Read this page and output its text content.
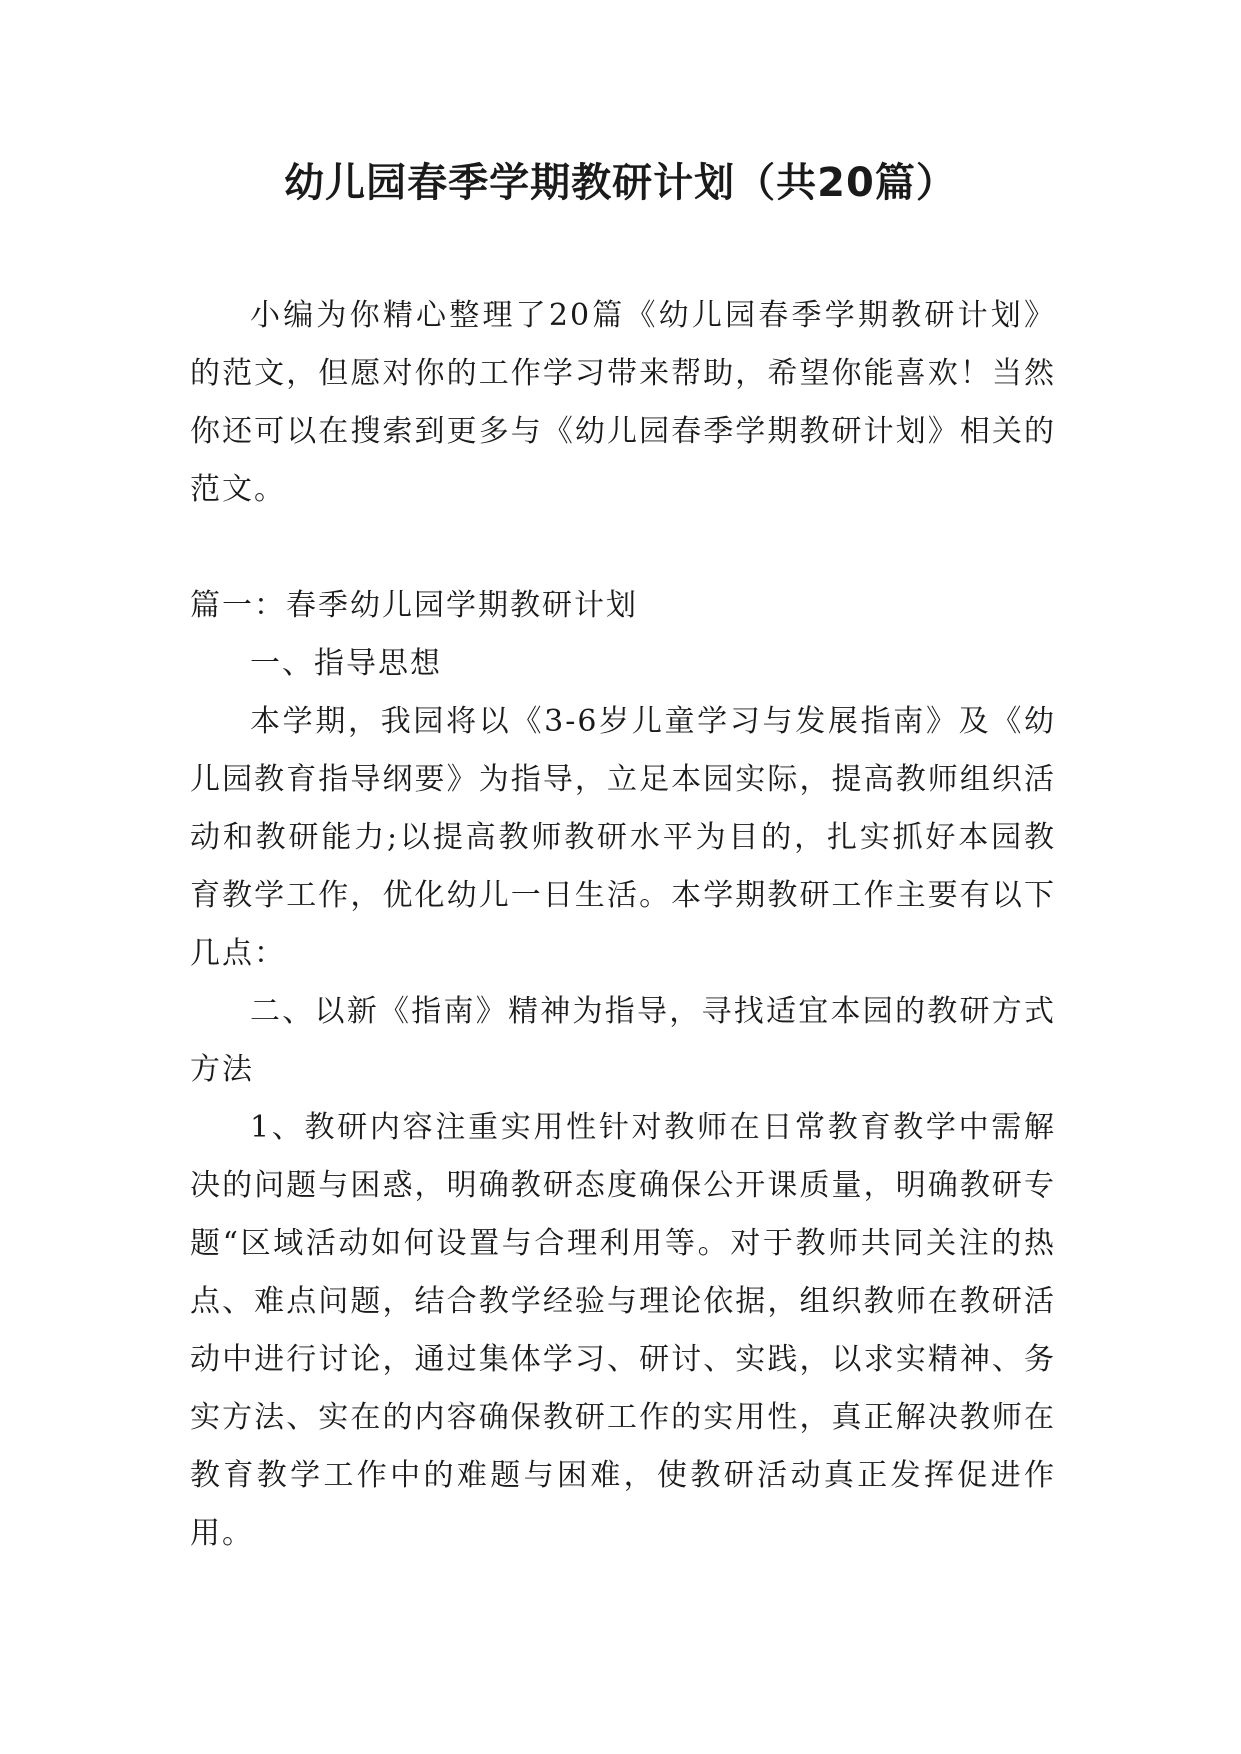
幼儿园春季学期教研计划（共20篇）

小编为你精心整理了20篇《幼儿园春季学期教研计划》的范文，但愿对你的工作学习带来帮助，希望你能喜欢！当然你还可以在搜索到更多与《幼儿园春季学期教研计划》相关的范文。

篇一：春季幼儿园学期教研计划

一、指导思想

本学期，我园将以《3-6岁儿童学习与发展指南》及《幼儿园教育指导纲要》为指导，立足本园实际，提高教师组织活动和教研能力;以提高教师教研水平为目的，扎实抓好本园教育教学工作，优化幼儿一日生活。本学期教研工作主要有以下几点：

二、以新《指南》精神为指导，寻找适宜本园的教研方式方法

1、教研内容注重实用性针对教师在日常教育教学中需解决的问题与困惑，明确教研态度确保公开课质量，明确教研专题“区域活动如何设置与合理利用等。对于教师共同关注的热点、难点问题，结合教学经验与理论依据，组织教师在教研活动中进行讨论，通过集体学习、研讨、实践，以求实精神、务实方法、实在的内容确保教研工作的实用性，真正解决教师在教育教学工作中的难题与困难，使教研活动真正发挥促进作用。
